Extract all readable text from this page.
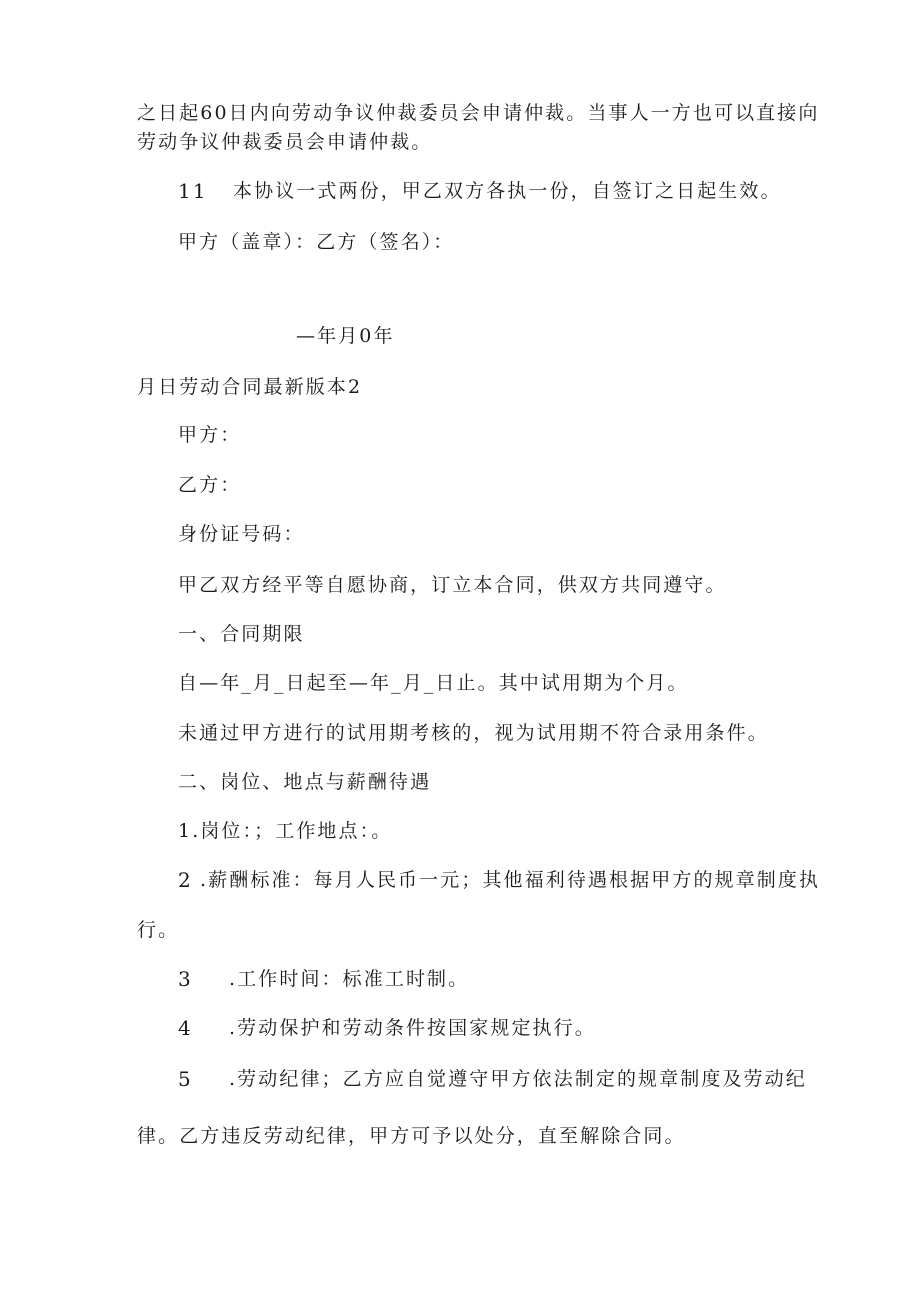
之日起60日内向劳动争议仲裁委员会申请仲裁。当事人一方也可以直接向
劳动争议仲裁委员会申请仲裁。
11 本协议一式两份，甲乙双方各执一份，自签订之日起生效。
甲方（盖章）：乙方（签名）：
—年月0年
月日劳动合同最新版本2
甲方：
乙方：
身份证号码：
甲乙双方经平等自愿协商，订立本合同，供双方共同遵守。
一、合同期限
自—年_月_日起至—年_月_日止。其中试用期为个月。
未通过甲方进行的试用期考核的，视为试用期不符合录用条件。
二、岗位、地点与薪酬待遇
1.岗位：；工作地点：。
2 .薪酬标准：每月人民币一元；其他福利待遇根据甲方的规章制度执
行。
3 .工作时间：标准工时制。
4 .劳动保护和劳动条件按国家规定执行。
5 .劳动纪律；乙方应自觉遵守甲方依法制定的规章制度及劳动纪
律。乙方违反劳动纪律，甲方可予以处分，直至解除合同。
